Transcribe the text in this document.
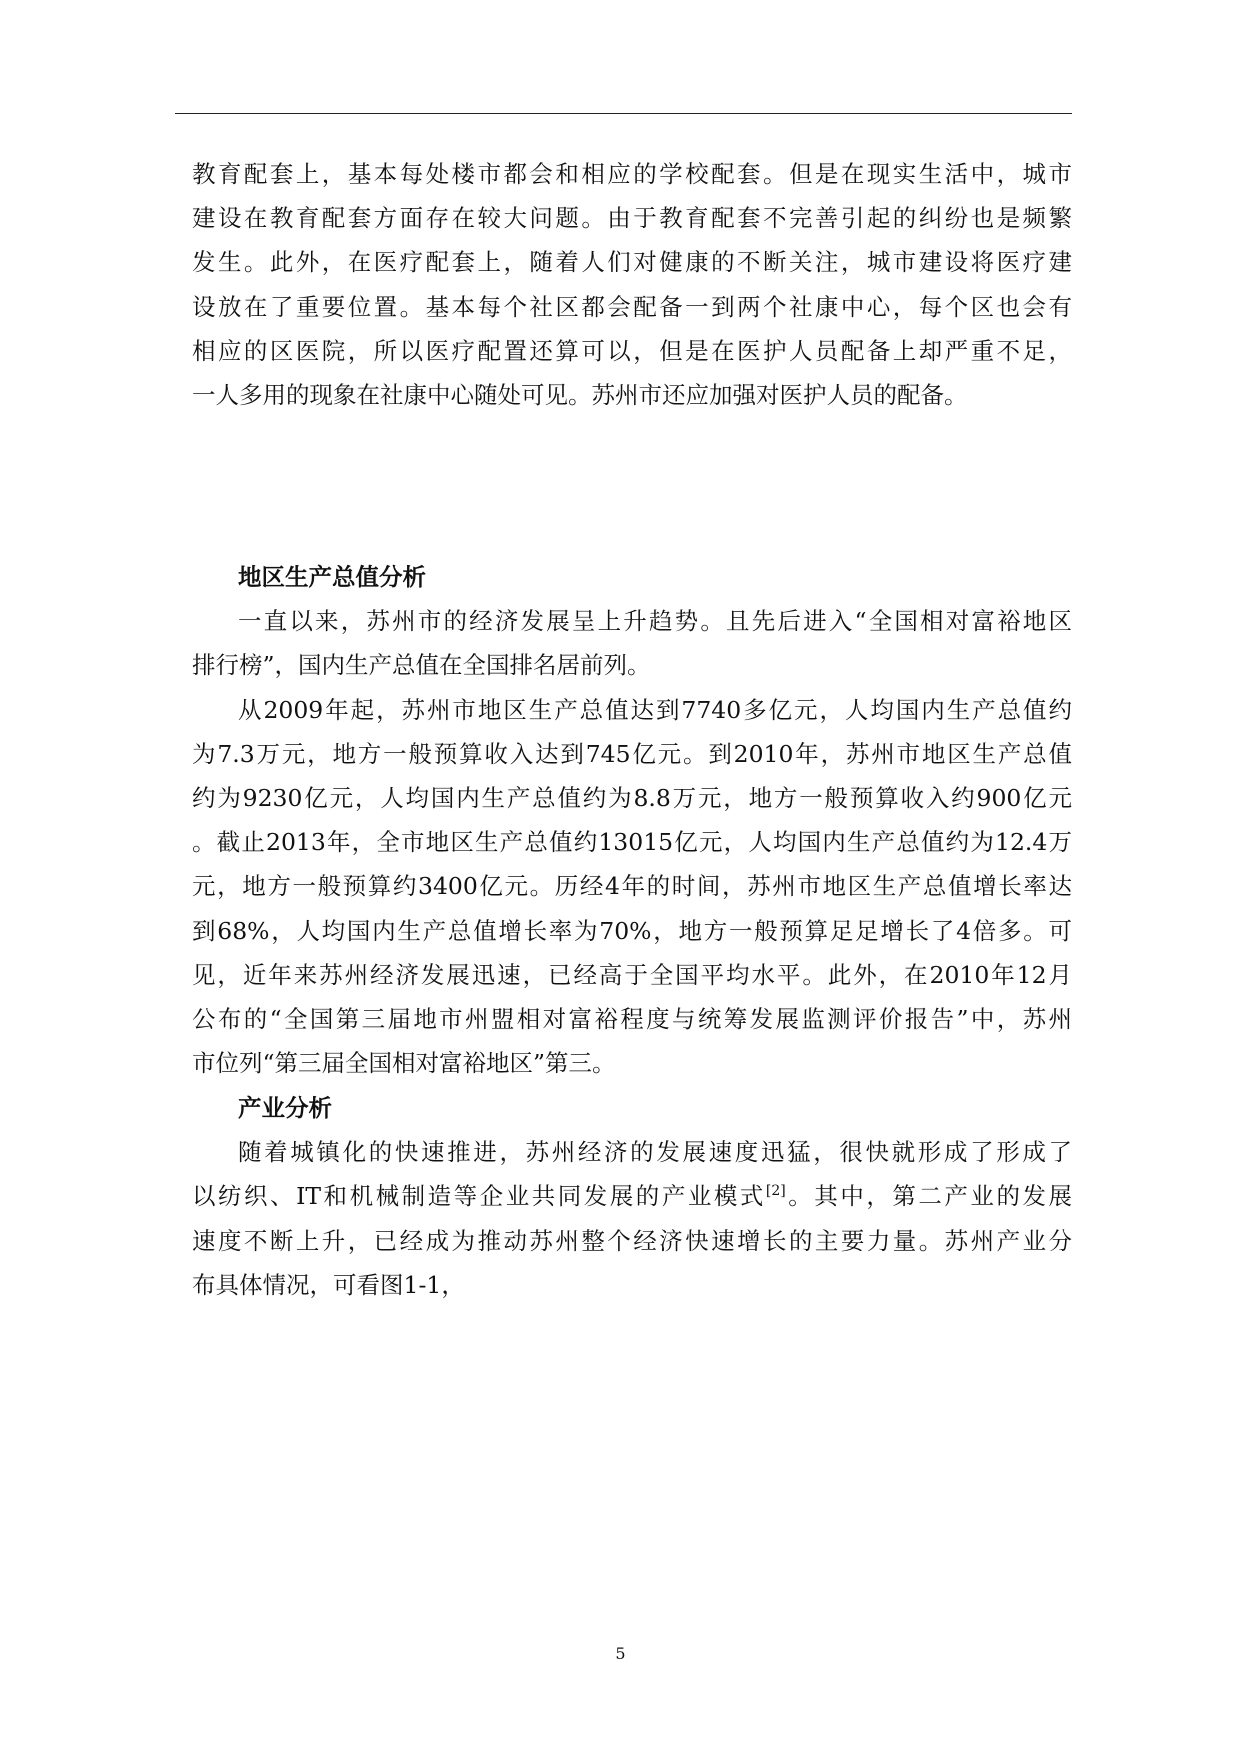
教育配套上，基本每处楼市都会和相应的学校配套。但是在现实生活中，城市
建设在教育配套方面存在较大问题。由于教育配套不完善引起的纠纷也是频繁
发生。此外，在医疗配套上，随着人们对健康的不断关注，城市建设将医疗建
设放在了重要位置。基本每个社区都会配备一到两个社康中心，每个区也会有
相应的区医院，所以医疗配置还算可以，但是在医护人员配备上却严重不足，
一人多用的现象在社康中心随处可见。苏州市还应加强对医护人员的配备。
地区生产总值分析
一直以来，苏州市的经济发展呈上升趋势。且先后进入“全国相对富裕地区
排行榜”，国内生产总值在全国排名居前列。
从2009年起，苏州市地区生产总值达到7740多亿元，人均国内生产总值约
为7.3万元，地方一般预算收入达到745亿元。到2010年，苏州市地区生产总值
约为9230亿元，人均国内生产总值约为8.8万元，地方一般预算收入约900亿元
。截止2013年，全市地区生产总值约13015亿元，人均国内生产总值约为12.4万
元，地方一般预算约3400亿元。历经4年的时间，苏州市地区生产总值增长率达
到68%，人均国内生产总值增长率为70%，地方一般预算足足增长了4倍多。可
见，近年来苏州经济发展迅速，已经高于全国平均水平。此外，在2010年12月
公布的“全国第三届地市州盟相对富裕程度与统筹发展监测评价报告”中，苏州
市位列“第三届全国相对富裕地区”第三。
产业分析
随着城镇化的快速推进，苏州经济的发展速度迅猛，很快就形成了形成了
以纺织、IT和机械制造等企业共同发展的产业模式[2]。其中，第二产业的发展
速度不断上升，已经成为推动苏州整个经济快速增长的主要力量。苏州产业分
布具体情况，可看图1-1，
5
